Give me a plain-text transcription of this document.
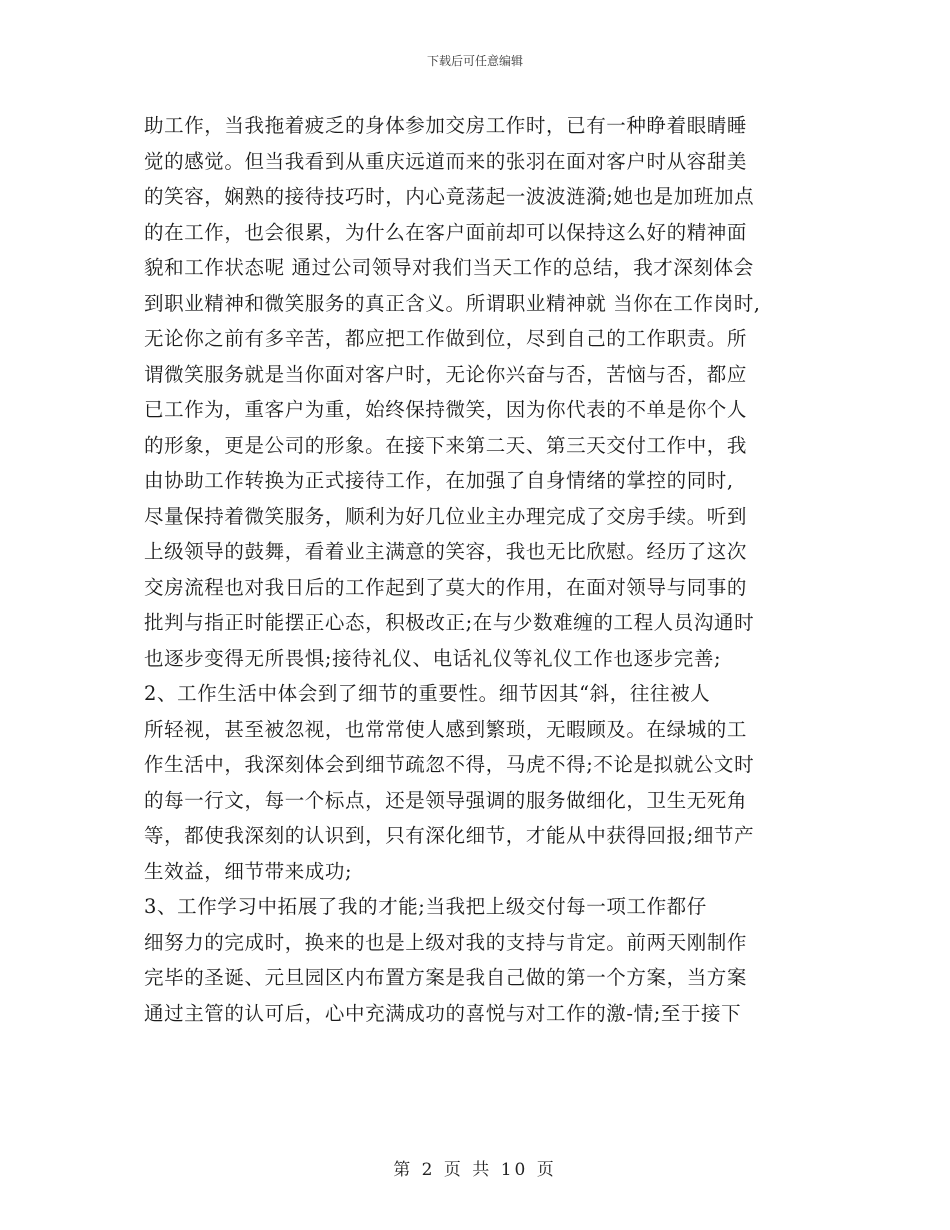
下载后可任意编辑
助工作，当我拖着疲乏的身体参加交房工作时，已有一种睁着眼睛睡
觉的感觉。但当我看到从重庆远道而来的张羽在面对客户时从容甜美
的笑容，娴熟的接待技巧时，内心竟荡起一波波涟漪;她也是加班加点
的在工作，也会很累，为什么在客户面前却可以保持这么好的精神面
貌和工作状态呢 通过公司领导对我们当天工作的总结，我才深刻体会
到职业精神和微笑服务的真正含义。所谓职业精神就 当你在工作岗时,
无论你之前有多辛苦，都应把工作做到位，尽到自己的工作职责。所
谓微笑服务就是当你面对客户时，无论你兴奋与否，苦恼与否，都应
已工作为，重客户为重，始终保持微笑，因为你代表的不单是你个人
的形象，更是公司的形象。在接下来第二天、第三天交付工作中，我
由协助工作转换为正式接待工作，在加强了自身情绪的掌控的同时,
尽量保持着微笑服务，顺利为好几位业主办理完成了交房手续。听到
上级领导的鼓舞，看着业主满意的笑容，我也无比欣慰。经历了这次
交房流程也对我日后的工作起到了莫大的作用，在面对领导与同事的
批判与指正时能摆正心态，积极改正;在与少数难缠的工程人员沟通时
也逐步变得无所畏惧;接待礼仪、电话礼仪等礼仪工作也逐步完善;
2、工作生活中体会到了细节的重要性。细节因其“斜，往往被人
所轻视，甚至被忽视，也常常使人感到繁琐，无暇顾及。在绿城的工
作生活中，我深刻体会到细节疏忽不得，马虎不得;不论是拟就公文时
的每一行文，每一个标点，还是领导强调的服务做细化，卫生无死角
等，都使我深刻的认识到，只有深化细节，才能从中获得回报;细节产
生效益，细节带来成功;
3、工作学习中拓展了我的才能;当我把上级交付每一项工作都仔
细努力的完成时，换来的也是上级对我的支持与肯定。前两天刚制作
完毕的圣诞、元旦园区内布置方案是我自己做的第一个方案，当方案
通过主管的认可后，心中充满成功的喜悦与对工作的激-情;至于接下
第 2 页 共 10 页
